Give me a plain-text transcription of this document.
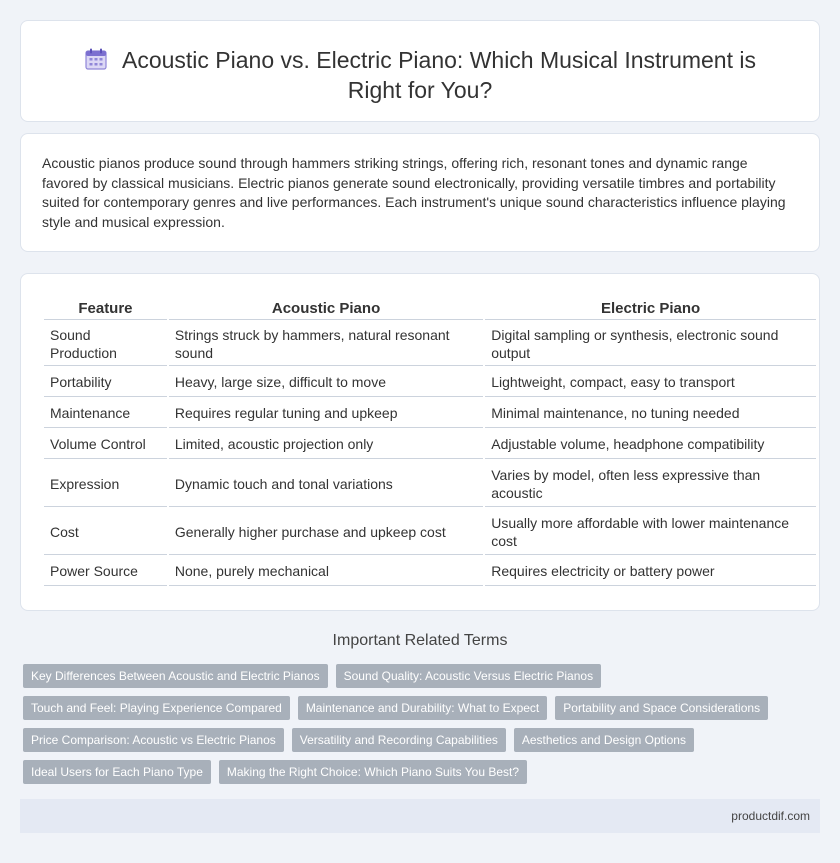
Acoustic Piano vs. Electric Piano: Which Musical Instrument is Right for You?

Acoustic pianos produce sound through hammers striking strings, offering rich, resonant tones and dynamic range favored by classical musicians. Electric pianos generate sound electronically, providing versatile timbres and portability suited for contemporary genres and live performances. Each instrument's unique sound characteristics influence playing style and musical expression.

Feature	Acoustic Piano	Electric Piano
Sound Production	Strings struck by hammers, natural resonant sound	Digital sampling or synthesis, electronic sound output
Portability	Heavy, large size, difficult to move	Lightweight, compact, easy to transport
Maintenance	Requires regular tuning and upkeep	Minimal maintenance, no tuning needed
Volume Control	Limited, acoustic projection only	Adjustable volume, headphone compatibility
Expression	Dynamic touch and tonal variations	Varies by model, often less expressive than acoustic
Cost	Generally higher purchase and upkeep cost	Usually more affordable with lower maintenance cost
Power Source	None, purely mechanical	Requires electricity or battery power
Important Related Terms
Key Differences Between Acoustic and Electric Pianos	Sound Quality: Acoustic Versus Electric Pianos
Touch and Feel: Playing Experience Compared	Maintenance and Durability: What to Expect	Portability and Space Considerations
Price Comparison: Acoustic vs Electric Pianos	Versatility and Recording Capabilities	Aesthetics and Design Options
Ideal Users for Each Piano Type	Making the Right Choice: Which Piano Suits You Best?
productdif.com
